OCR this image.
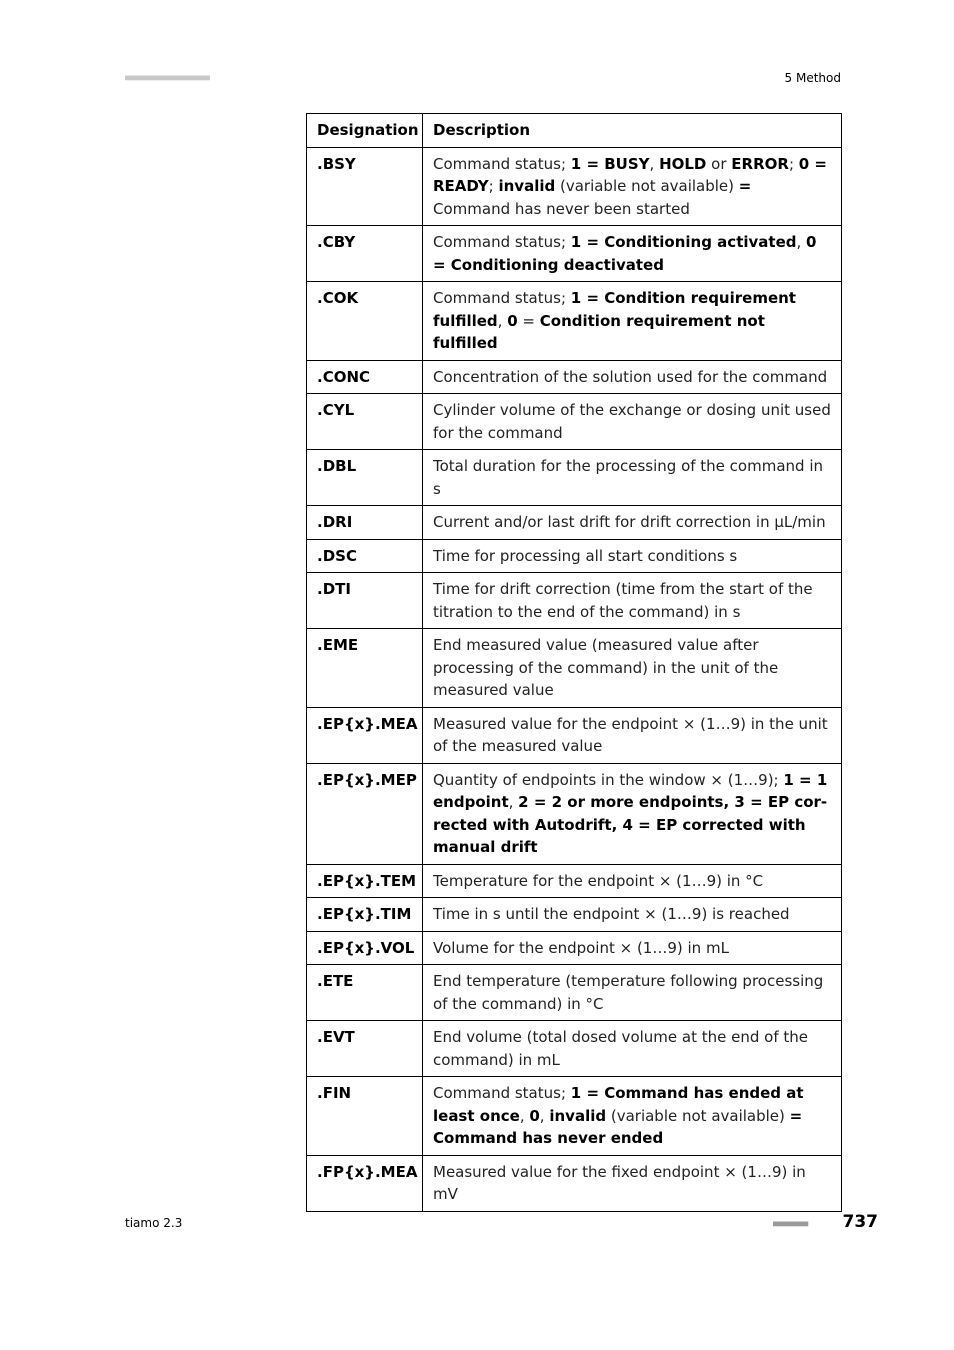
■■■■■■■■■■■■■■■■■■■■■■	5 Method
Designation	Description
.BSY	Command status; 1 = BUSY, HOLD or ERROR; 0 = READY; invalid (variable not available) = Command has never been started
.CBY	Command status; 1 = Conditioning activated, 0 = Conditioning deactivated
.COK	Command status; 1 = Condition requirement fulfilled, 0 = Condition requirement not fulfilled
.CONC	Concentration of the solution used for the command
.CYL	Cylinder volume of the exchange or dosing unit used for the command
.DBL	Total duration for the processing of the command in s
.DRI	Current and/or last drift for drift correction in µL/min
.DSC	Time for processing all start conditions s
.DTI	Time for drift correction (time from the start of the titration to the end of the command) in s
.EME	End measured value (measured value after processing of the command) in the unit of the measured value
.EP{x}.MEA	Measured value for the endpoint × (1…9) in the unit of the measured value
.EP{x}.MEP	Quantity of endpoints in the window × (1…9); 1 = 1 endpoint, 2 = 2 or more endpoints, 3 = EP corrected with Autodrift, 4 = EP corrected with manual drift
.EP{x}.TEM	Temperature for the endpoint × (1…9) in °C
.EP{x}.TIM	Time in s until the endpoint × (1…9) is reached
.EP{x}.VOL	Volume for the endpoint × (1…9) in mL
.ETE	End temperature (temperature following processing of the command) in °C
.EVT	End volume (total dosed volume at the end of the command) in mL
.FIN	Command status; 1 = Command has ended at least once, 0, invalid (variable not available) = Command has never ended
.FP{x}.MEA	Measured value for the fixed endpoint × (1…9) in mV
tiamo 2.3	■■■■■■■■■ 737
